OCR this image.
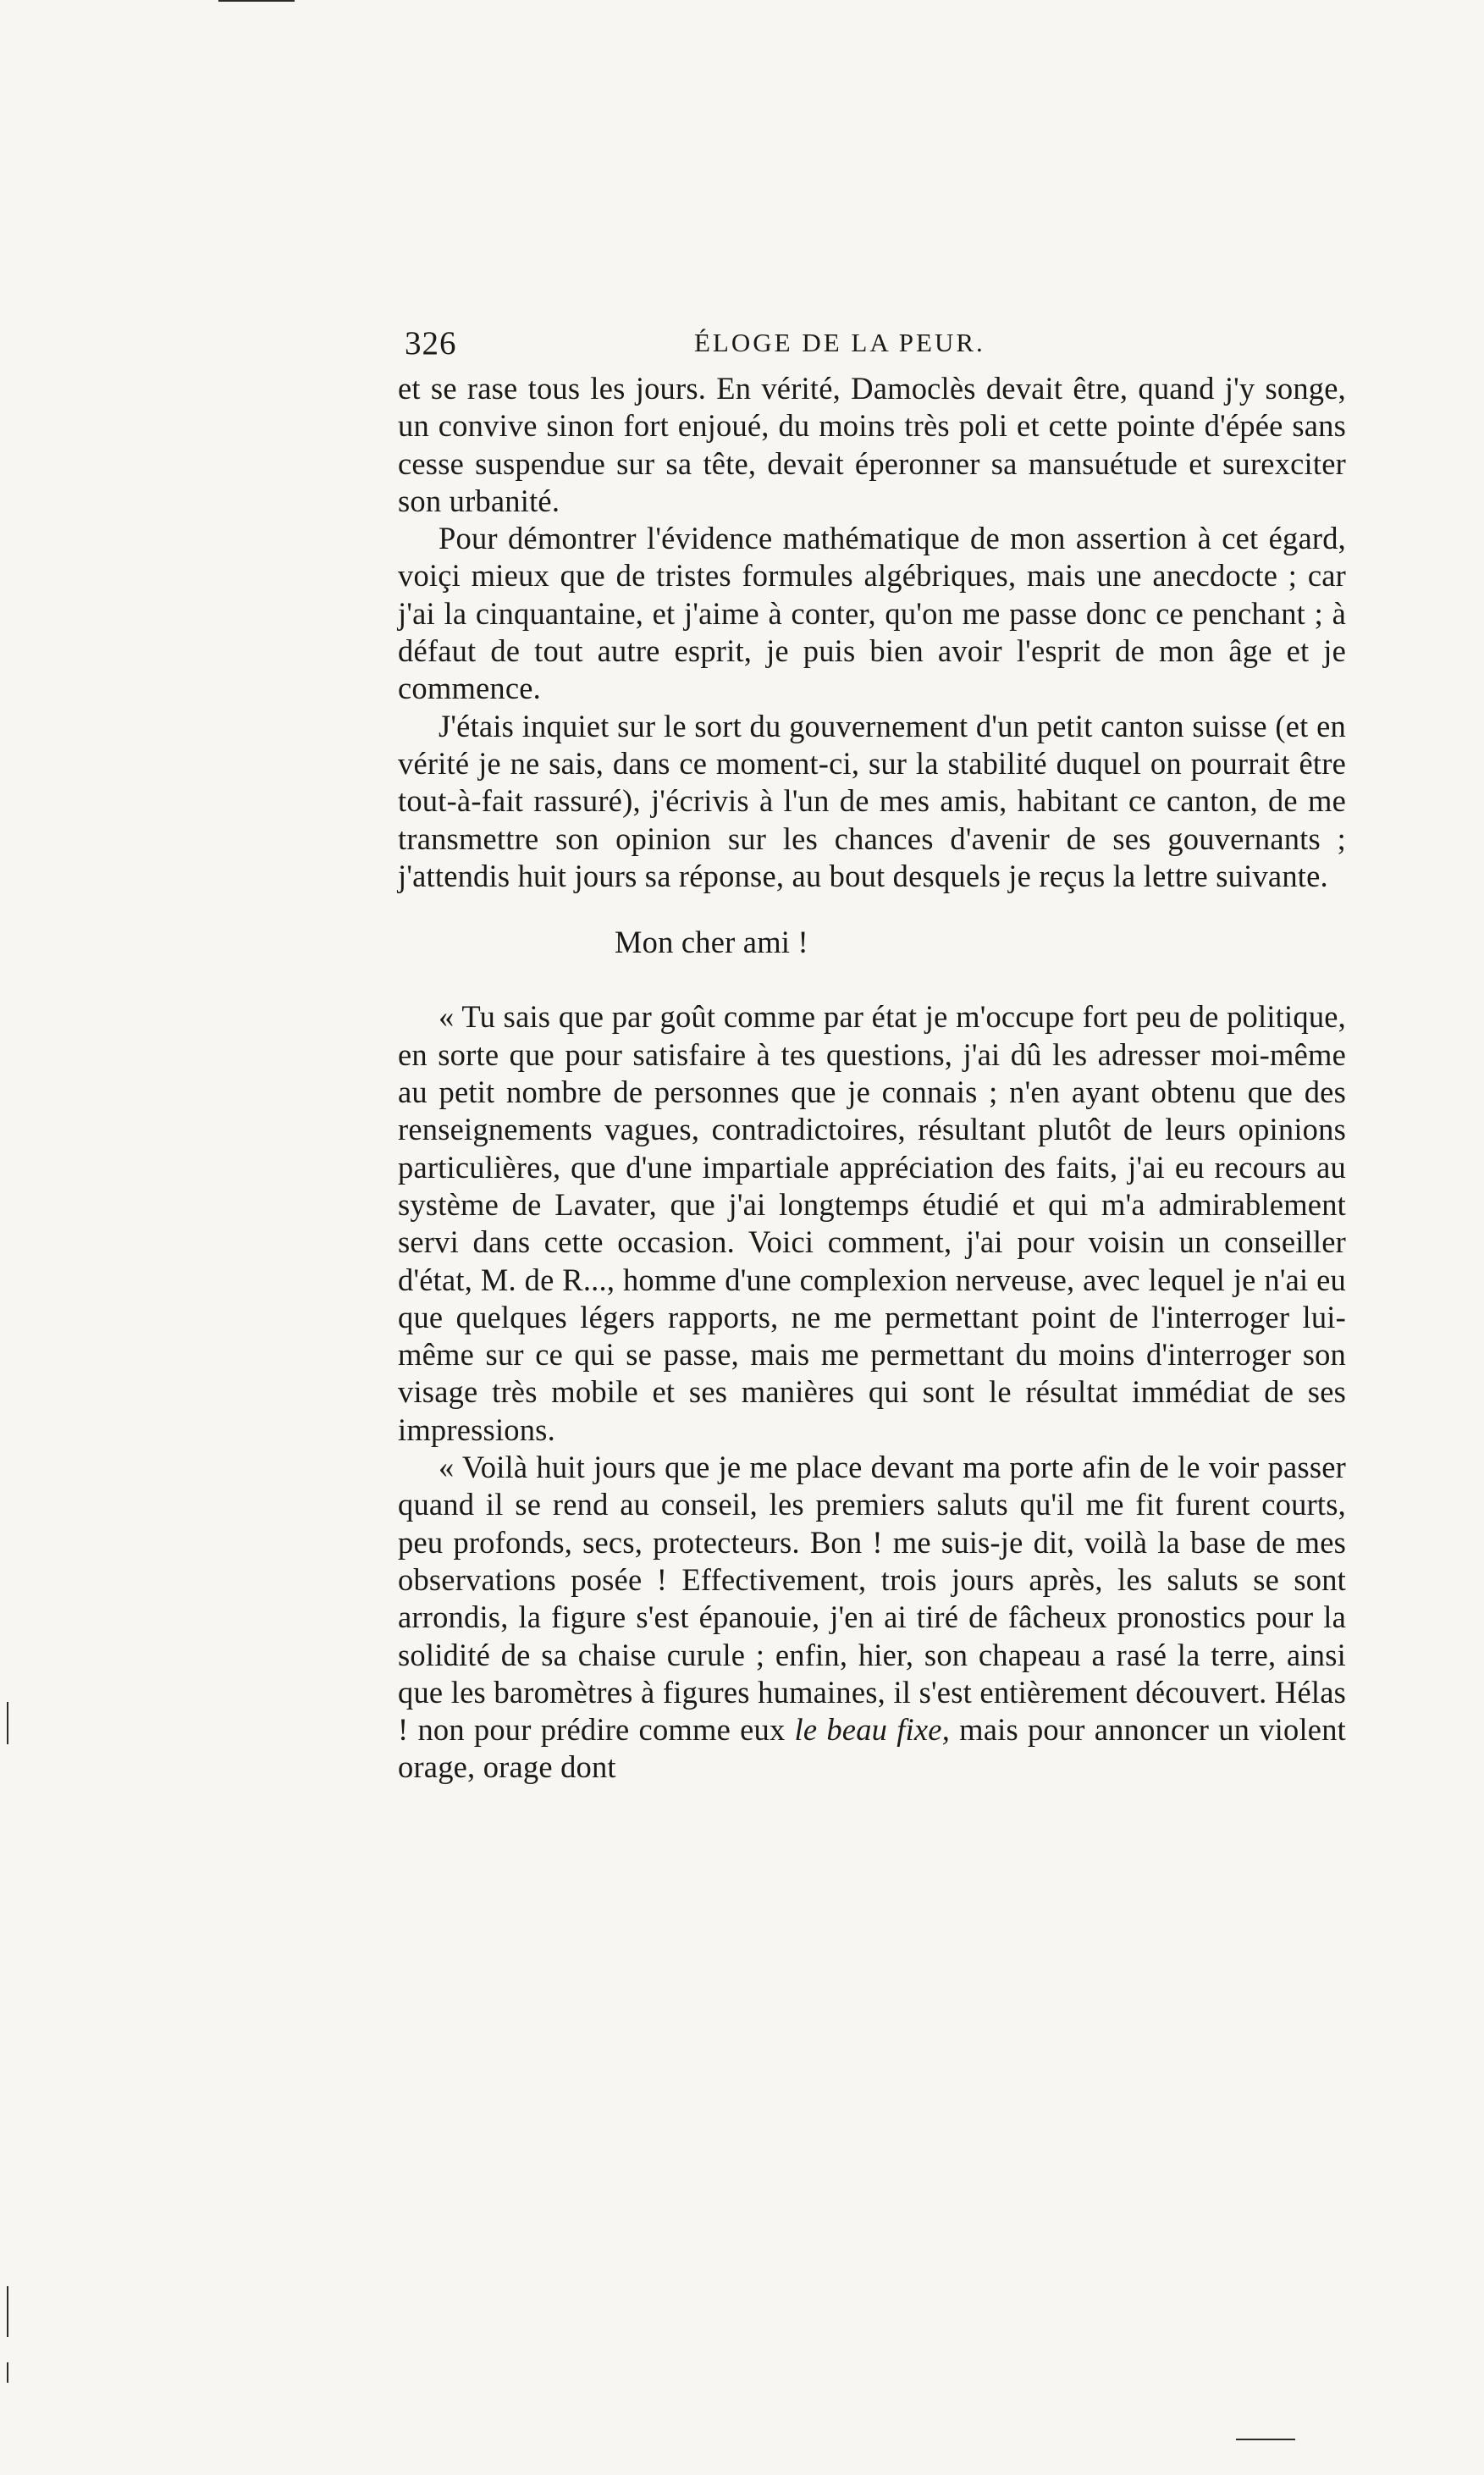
326	ÉLOGE DE LA PEUR.

et se rase tous les jours. En vérité, Damoclès devait être, quand j'y songe, un convive sinon fort enjoué, du moins très poli et cette pointe d'épée sans cesse suspendue sur sa tête, devait éperonner sa mansuétude et surexciter son urbanité.

Pour démontrer l'évidence mathématique de mon assertion à cet égard, voiçi mieux que de tristes formules algébriques, mais une anecdocte ; car j'ai la cinquantaine, et j'aime à conter, qu'on me passe donc ce penchant ; à défaut de tout autre esprit, je puis bien avoir l'esprit de mon âge et je commence.

J'étais inquiet sur le sort du gouvernement d'un petit canton suisse (et en vérité je ne sais, dans ce moment-ci, sur la stabilité duquel on pourrait être tout-à-fait rassuré), j'écrivis à l'un de mes amis, habitant ce canton, de me transmettre son opinion sur les chances d'avenir de ses gouvernants ; j'attendis huit jours sa réponse, au bout desquels je reçus la lettre suivante.

Mon cher ami !

« Tu sais que par goût comme par état je m'occupe fort peu de politique, en sorte que pour satisfaire à tes questions, j'ai dû les adresser moi-même au petit nombre de personnes que je connais ; n'en ayant obtenu que des renseignements vagues, contradictoires, résultant plutôt de leurs opinions particulières, que d'une impartiale appréciation des faits, j'ai eu recours au système de Lavater, que j'ai longtemps étudié et qui m'a admirablement servi dans cette occasion. Voici comment, j'ai pour voisin un conseiller d'état, M. de R..., homme d'une complexion nerveuse, avec lequel je n'ai eu que quelques légers rapports, ne me permettant point de l'interroger lui-même sur ce qui se passe, mais me permettant du moins d'interroger son visage très mobile et ses manières qui sont le résultat immédiat de ses impressions.

« Voilà huit jours que je me place devant ma porte afin de le voir passer quand il se rend au conseil, les premiers saluts qu'il me fit furent courts, peu profonds, secs, protecteurs. Bon ! me suis-je dit, voilà la base de mes observations posée ! Effectivement, trois jours après, les saluts se sont arrondis, la figure s'est épanouie, j'en ai tiré de fâcheux pronostics pour la solidité de sa chaise curule ; enfin, hier, son chapeau a rasé la terre, ainsi que les baromètres à figures humaines, il s'est entièrement découvert. Hélas ! non pour prédire comme eux le beau fixe, mais pour annoncer un violent orage, orage dont
